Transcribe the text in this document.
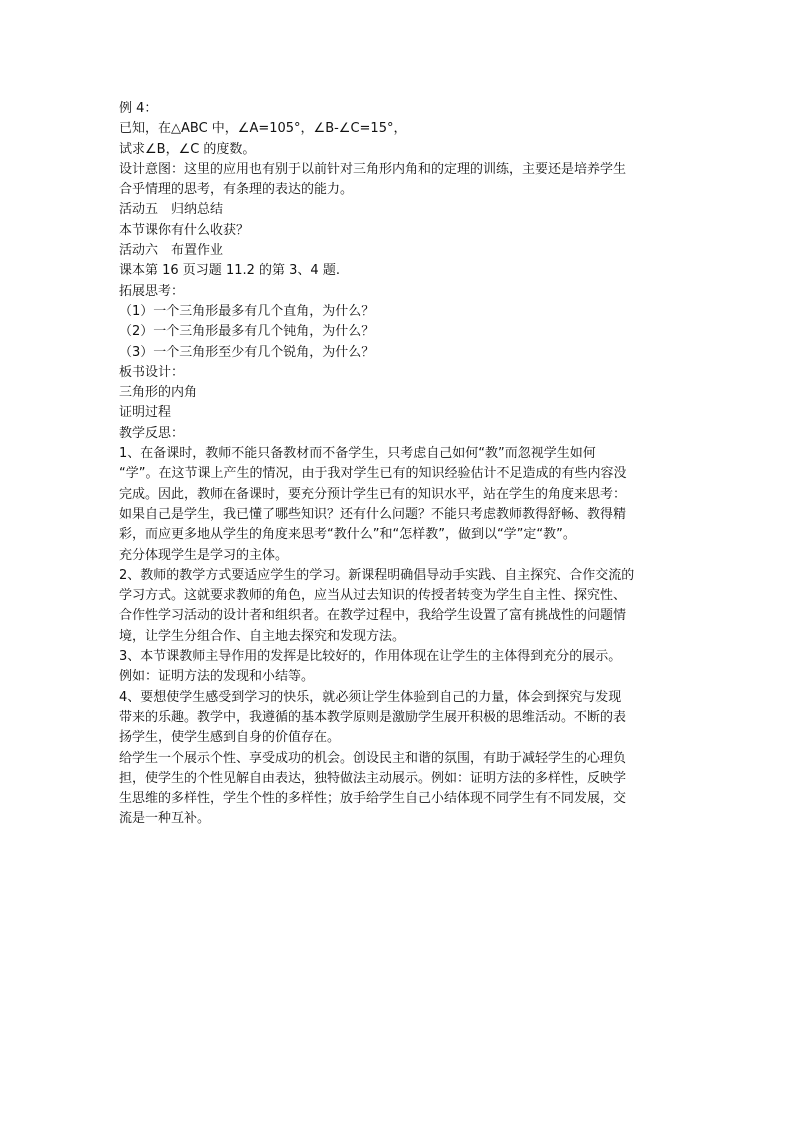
例 4：
已知，在△ABC 中，∠A=105°，∠B-∠C=15°，
试求∠B，∠C 的度数。
设计意图：这里的应用也有别于以前针对三角形内角和的定理的训练，主要还是培养学生
合乎情理的思考，有条理的表达的能力。
活动五　归纳总结
本节课你有什么收获？
活动六　布置作业
课本第 16 页习题 11.2 的第 3、4 题.
拓展思考：
（1）一个三角形最多有几个直角，为什么？
（2）一个三角形最多有几个钝角，为什么？
（3）一个三角形至少有几个锐角，为什么？
板书设计：
三角形的内角
证明过程
教学反思：
1、在备课时，教师不能只备教材而不备学生，只考虑自己如何“教”而忽视学生如何
“学”。在这节课上产生的情况，由于我对学生已有的知识经验估计不足造成的有些内容没
完成。因此，教师在备课时，要充分预计学生已有的知识水平，站在学生的角度来思考：
如果自己是学生，我已懂了哪些知识？还有什么问题？不能只考虑教师教得舒畅、教得精
彩，而应更多地从学生的角度来思考“教什么”和“怎样教”，做到以“学”定“教”。
充分体现学生是学习的主体。
2、教师的教学方式要适应学生的学习。新课程明确倡导动手实践、自主探究、合作交流的
学习方式。这就要求教师的角色，应当从过去知识的传授者转变为学生自主性、探究性、
合作性学习活动的设计者和组织者。在教学过程中，我给学生设置了富有挑战性的问题情
境，让学生分组合作、自主地去探究和发现方法。
3、本节课教师主导作用的发挥是比较好的，作用体现在让学生的主体得到充分的展示。
例如：证明方法的发现和小结等。
4、要想使学生感受到学习的快乐，就必须让学生体验到自己的力量，体会到探究与发现
带来的乐趣。教学中，我遵循的基本教学原则是激励学生展开积极的思维活动。不断的表
扬学生，使学生感到自身的价值存在。
给学生一个展示个性、享受成功的机会。创设民主和谐的氛围，有助于减轻学生的心理负
担，使学生的个性见解自由表达，独特做法主动展示。例如：证明方法的多样性，反映学
生思维的多样性，学生个性的多样性；放手给学生自己小结体现不同学生有不同发展，交
流是一种互补。
